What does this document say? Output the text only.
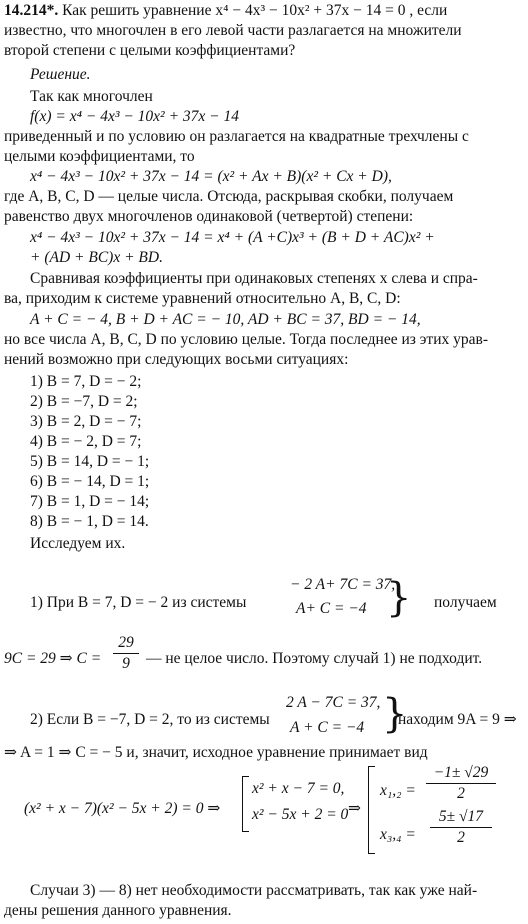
14.214*. Как решить уравнение x⁴ − 4x³ − 10x² + 37x − 14 = 0 , если
известно, что многочлен в его левой части разлагается на множители
второй степени с целыми коэффициентами?
Решение.
Так как многочлен
f(x) = x⁴ − 4x³ − 10x² + 37x − 14
приведенный и по условию он разлагается на квадратные трехчлены с
целыми коэффициентами, то
x⁴ − 4x³ − 10x² + 37x − 14 = (x² + Ax + B)(x² + Cx + D),
где A, B, C, D — целые числа. Отсюда, раскрывая скобки, получаем
равенство двух многочленов одинаковой (четвертой) степени:
x⁴ − 4x³ − 10x² + 37x − 14 = x⁴ + (A +C)x³ + (B + D + AC)x² +
+ (AD + BC)x + BD.
Сравнивая коэффициенты при одинаковых степенях x слева и спра-
ва, приходим к системе уравнений относительно A, B, C, D:
A + C = − 4, B + D + AC = − 10, AD + BC = 37, BD = − 14,
но все числа A, B, C, D по условию целые. Тогда последнее из этих урав-
нений возможно при следующих восьми ситуациях:
1) B = 7, D = − 2;
2) B = −7, D = 2;
3) B = 2, D = − 7;
4) B = − 2, D = 7;
5) B = 14, D = − 1;
6) B = − 14, D = 1;
7) B = 1, D = − 14;
8) B = − 1, D = 14.
Исследуем их.
1) При B = 7, D = − 2 из системы
− 2 A+ 7C = 37,
A+ C = −4 } получаем
9C = 29 ⇒ C =
29
9	— не целое число. Поэтому случай 1) не подходит.
2) Если B = −7, D = 2, то из системы
2 A − 7C = 37,
A + C = −4 }
находим 9A = 9 ⇒
⇒ A = 1 ⇒ C = − 5 и, значит, исходное уравнение принимает вид
(x² + x − 7)(x² − 5x + 2) = 0 ⇒
x² + x − 7 = 0,
x² − 5x + 2 = 0 ⇒
x₁,₂ =
−1± √29
2
x₃,₄ =
5± √17
2
Случаи 3) — 8) нет необходимости рассматривать, так как уже най-
дены решения данного уравнения.
